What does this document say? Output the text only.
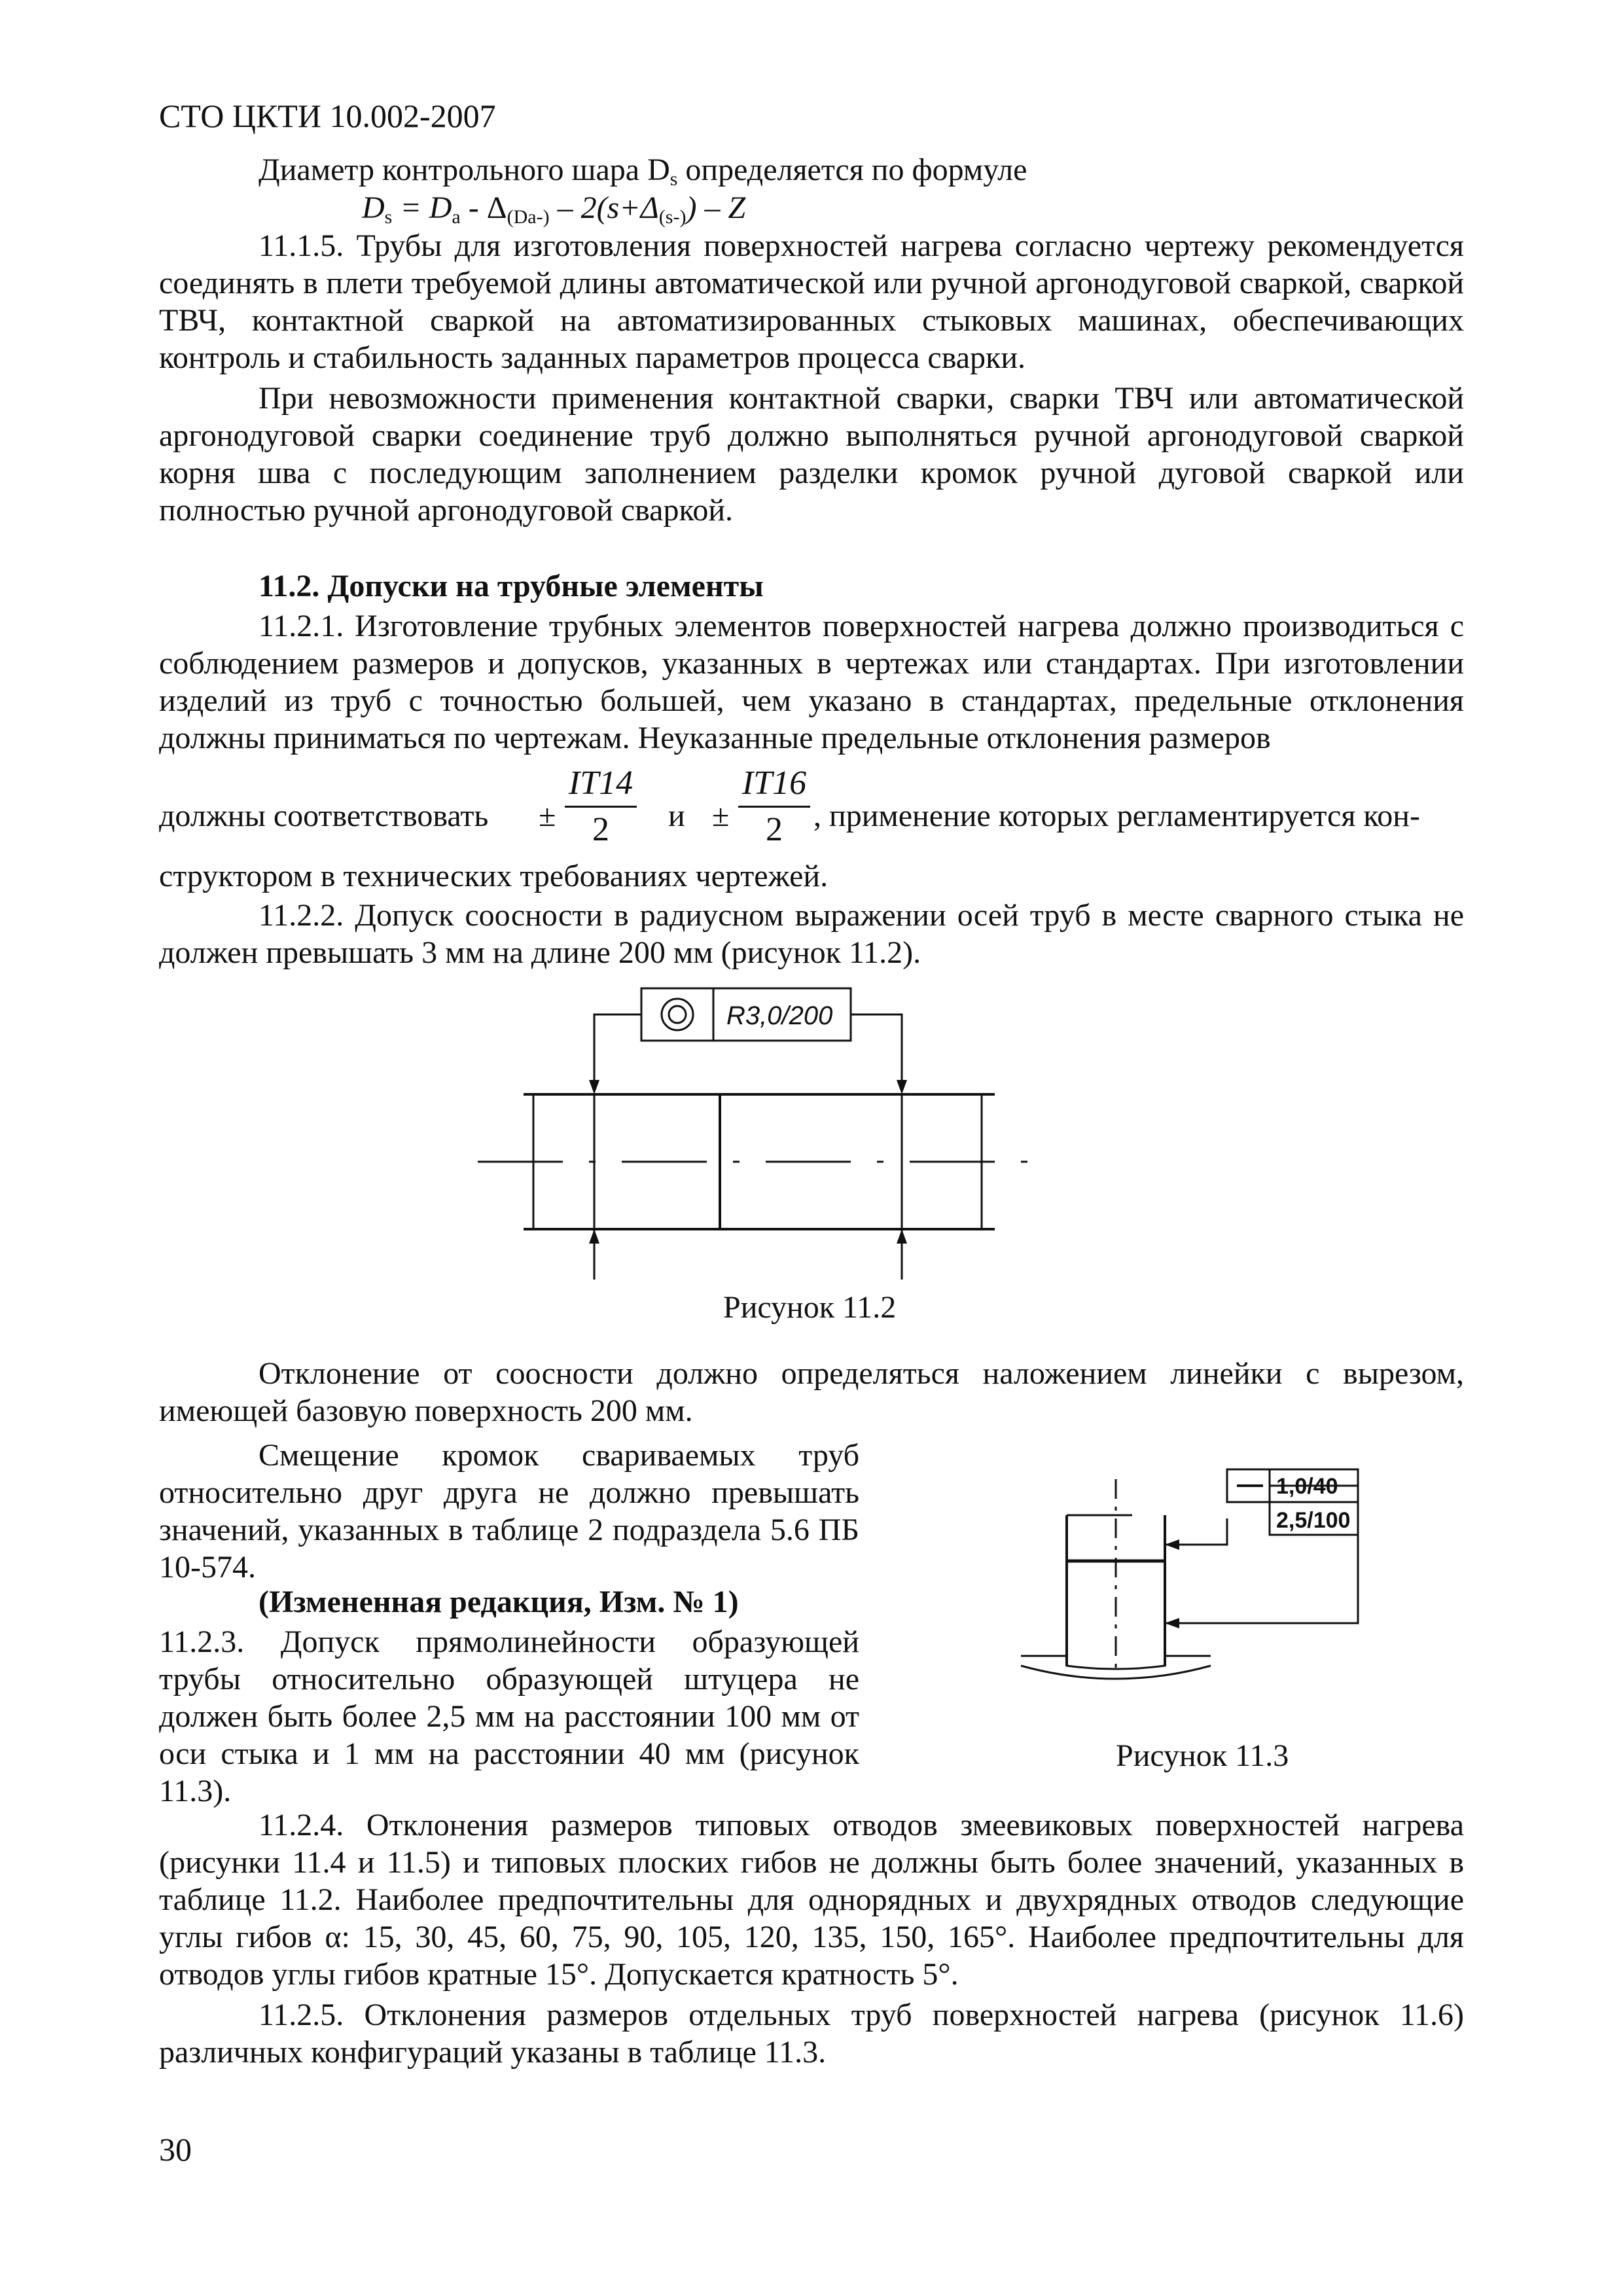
СТО ЦКТИ 10.002-2007
Диаметр контрольного шара Ds определяется по формуле
$D_s = D_a - \Delta_{(Da-)} - 2(s+\Delta_{(s-)}) - Z$

11.1.5. Трубы для изготовления поверхностей нагрева согласно чертежу рекомендуется соединять в плети требуемой длины автоматической или ручной аргонодуговой сваркой, сваркой ТВЧ, контактной сваркой на автоматизированных стыковых машинах, обеспечивающих контроль и стабильность заданных параметров процесса сварки.

При невозможности применения контактной сварки, сварки ТВЧ или автоматической аргонодуговой сварки соединение труб должно выполняться ручной аргонодуговой сваркой корня шва с последующим заполнением разделки кромок ручной дуговой сваркой или полностью ручной аргонодуговой сваркой.

11.2. Допуски на трубные элементы

11.2.1. Изготовление трубных элементов поверхностей нагрева должно производиться с соблюдением размеров и допусков, указанных в чертежах или стандартах. При изготовлении изделий из труб с точностью большей, чем указано в стандартах, предельные отклонения должны приниматься по чертежам. Неуказанные предельные отклонения размеров

должны соответствовать ±
IT14
2	и ±
IT16
2 , применение которых регламентируется кон-

структором в технических требованиях чертежей.

11.2.2. Допуск соосности в радиусном выражении осей труб в месте сварного стыка не должен превышать 3 мм на длине 200 мм (рисунок 11.2).

R3,0/200
Рисунок 11.2

Отклонение от соосности должно определяться наложением линейки с вырезом, имеющей базовую поверхность 200 мм.

Смещение кромок свариваемых труб относительно друг друга не должно превышать значений, указанных в таблице 2 подраздела 5.6 ПБ 10-574.
(Измененная редакция, Изм. № 1)
11.2.3. Допуск прямолинейности образующей трубы относительно образующей штуцера не должен быть более 2,5 мм на расстоянии 100 мм от оси стыка и 1 мм на расстоянии 40 мм (рисунок 11.3).
1,0/40
2,5/100
Рисунок 11.3

11.2.4. Отклонения размеров типовых отводов змеевиковых поверхностей нагрева (рисунки 11.4 и 11.5) и типовых плоских гибов не должны быть более значений, указанных в таблице 11.2. Наиболее предпочтительны для однорядных и двухрядных отводов следующие углы гибов α: 15, 30, 45, 60, 75, 90, 105, 120, 135, 150, 165°. Наиболее предпочтительны для отводов углы гибов кратные 15°. Допускается кратность 5°.

11.2.5. Отклонения размеров отдельных труб поверхностей нагрева (рисунок 11.6) различных конфигураций указаны в таблице 11.3.

30
